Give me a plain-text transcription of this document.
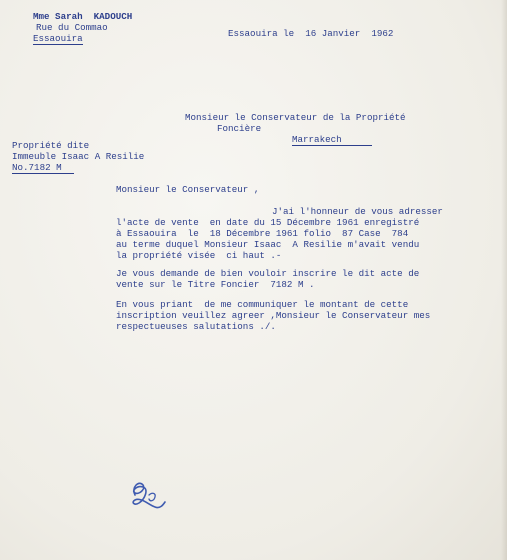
Mme Sarah  KADOUCH
Rue du Commao
Essaouira	Essaouira le  16 Janvier  1962
Monsieur le Conservateur de la Propriété
Foncière
Marrakech
Propriété dite
Immeuble Isaac A Resilie
No.7182 M
Monsieur le Conservateur ,
J'ai l'honneur de vous adresser
l'acte de vente  en date du 15 Décembre 1961 enregistré
à Essaouira  le  18 Décembre 1961 folio  87 Case  784
au terme duquel Monsieur Isaac  A Resilie m'avait vendu
la propriété visée  ci haut .-
Je vous demande de bien vouloir inscrire le dit acte de
vente sur le Titre Foncier  7182 M .
En vous priant  de me communiquer le montant de cette
inscription veuillez agreer ,Monsieur le Conservateur mes
respectueuses salutations ./.
